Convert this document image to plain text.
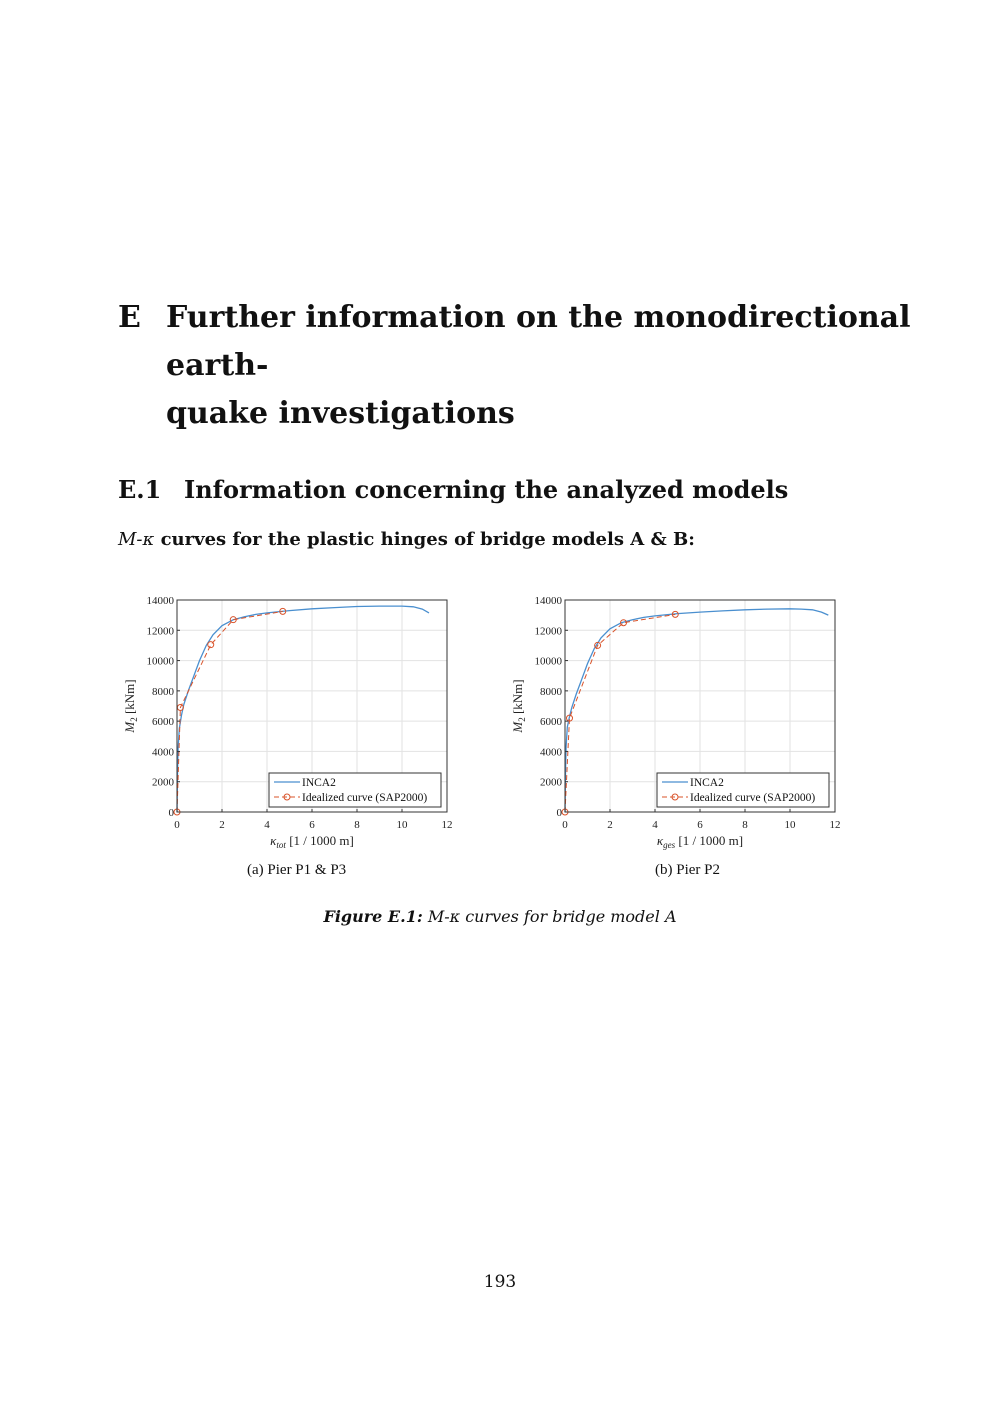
E Further information on the monodirectional earth-
quake investigations
E.1 Information concerning the analyzed models
M-κ curves for the plastic hinges of bridge models A & B:
0	2	4	6	8	10	12
0
2000
4000
6000
8000
10000
12000
14000
$\kappa_{tot}$ [1 / 1000 m]
$M_2$ [kNm]
INCA2
Idealized curve (SAP2000)
0	2	4	6	8	10	12
0
2000
4000
6000
8000
10000
12000
14000
$\kappa_{ges}$ [1 / 1000 m]
$M_2$ [kNm]
INCA2
Idealized curve (SAP2000)
(a) Pier P1 & P3	(b) Pier P2
Figure E.1: M-κ curves for bridge model A
193
